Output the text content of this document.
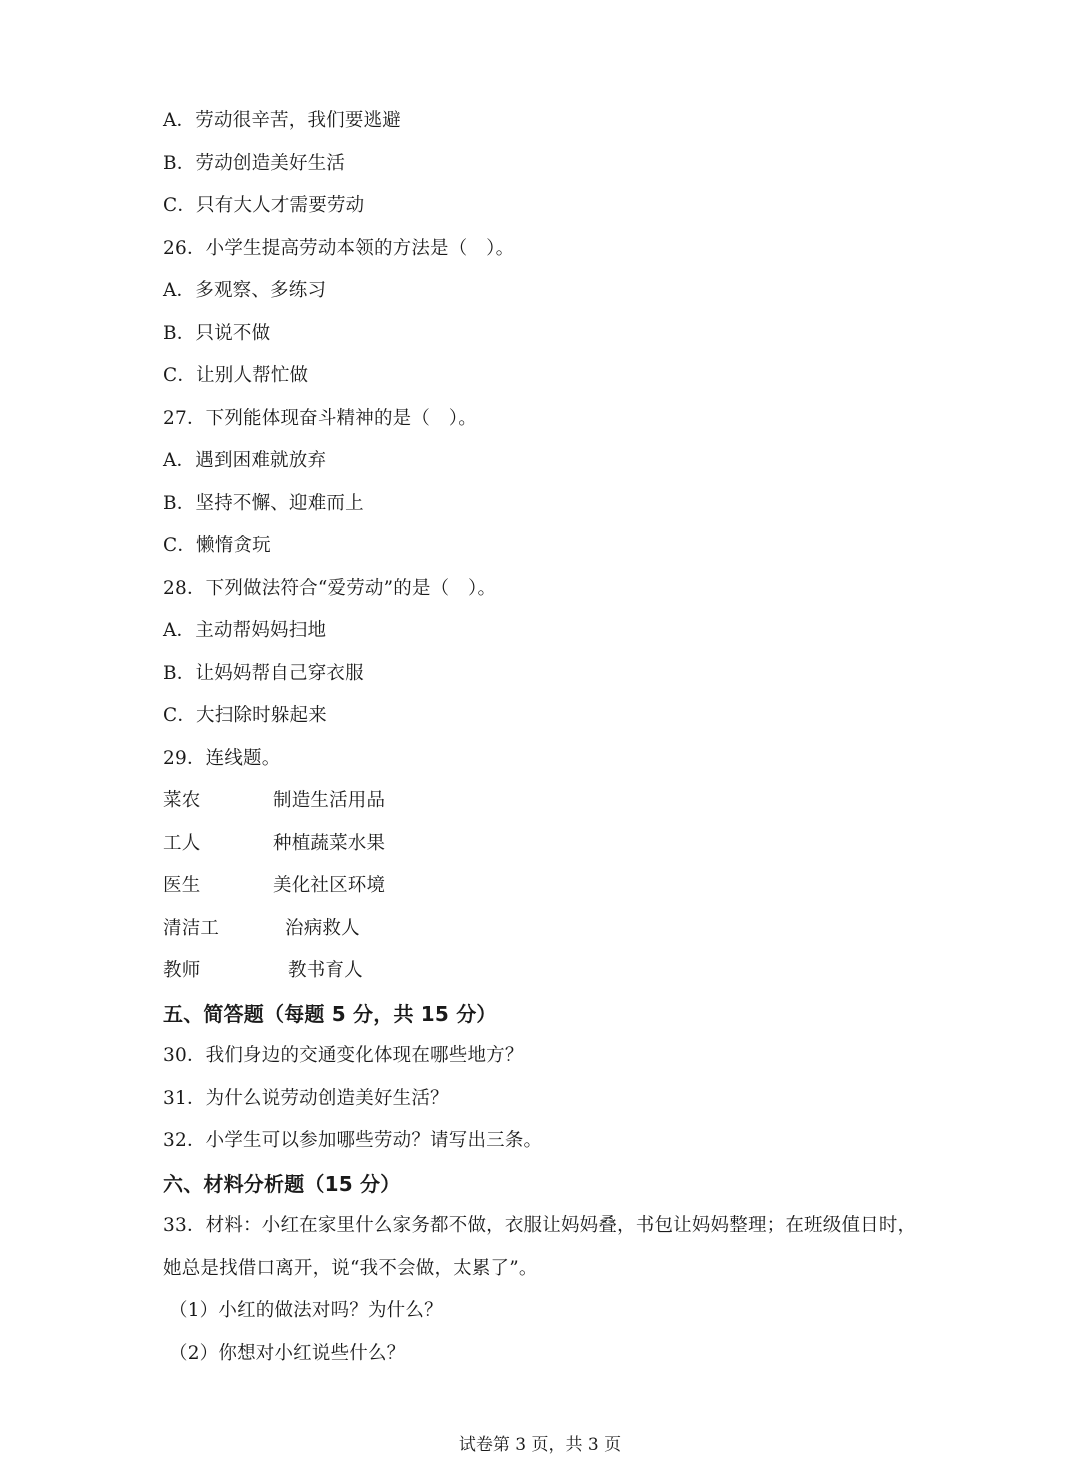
A．劳动很辛苦，我们要逃避
B．劳动创造美好生活
C．只有大人才需要劳动
26．小学生提高劳动本领的方法是（　）。
A．多观察、多练习
B．只说不做
C．让别人帮忙做
27．下列能体现奋斗精神的是（　）。
A．遇到困难就放弃
B．坚持不懈、迎难而上
C．懒惰贪玩
28．下列做法符合“爱劳动”的是（　）。
A．主动帮妈妈扫地
B．让妈妈帮自己穿衣服
C．大扫除时躲起来
29．连线题。
菜农	制造生活用品
工人	种植蔬菜水果
医生	美化社区环境
清洁工	治病救人
教师	教书育人
五、简答题（每题 5 分，共 15 分）
30．我们身边的交通变化体现在哪些地方？
31．为什么说劳动创造美好生活？
32．小学生可以参加哪些劳动？请写出三条。
六、材料分析题（15 分）
33．材料：小红在家里什么家务都不做，衣服让妈妈叠，书包让妈妈整理；在班级值日时，
她总是找借口离开，说“我不会做，太累了”。
（1）小红的做法对吗？为什么？
（2）你想对小红说些什么？
试卷第 3 页，共 3 页
